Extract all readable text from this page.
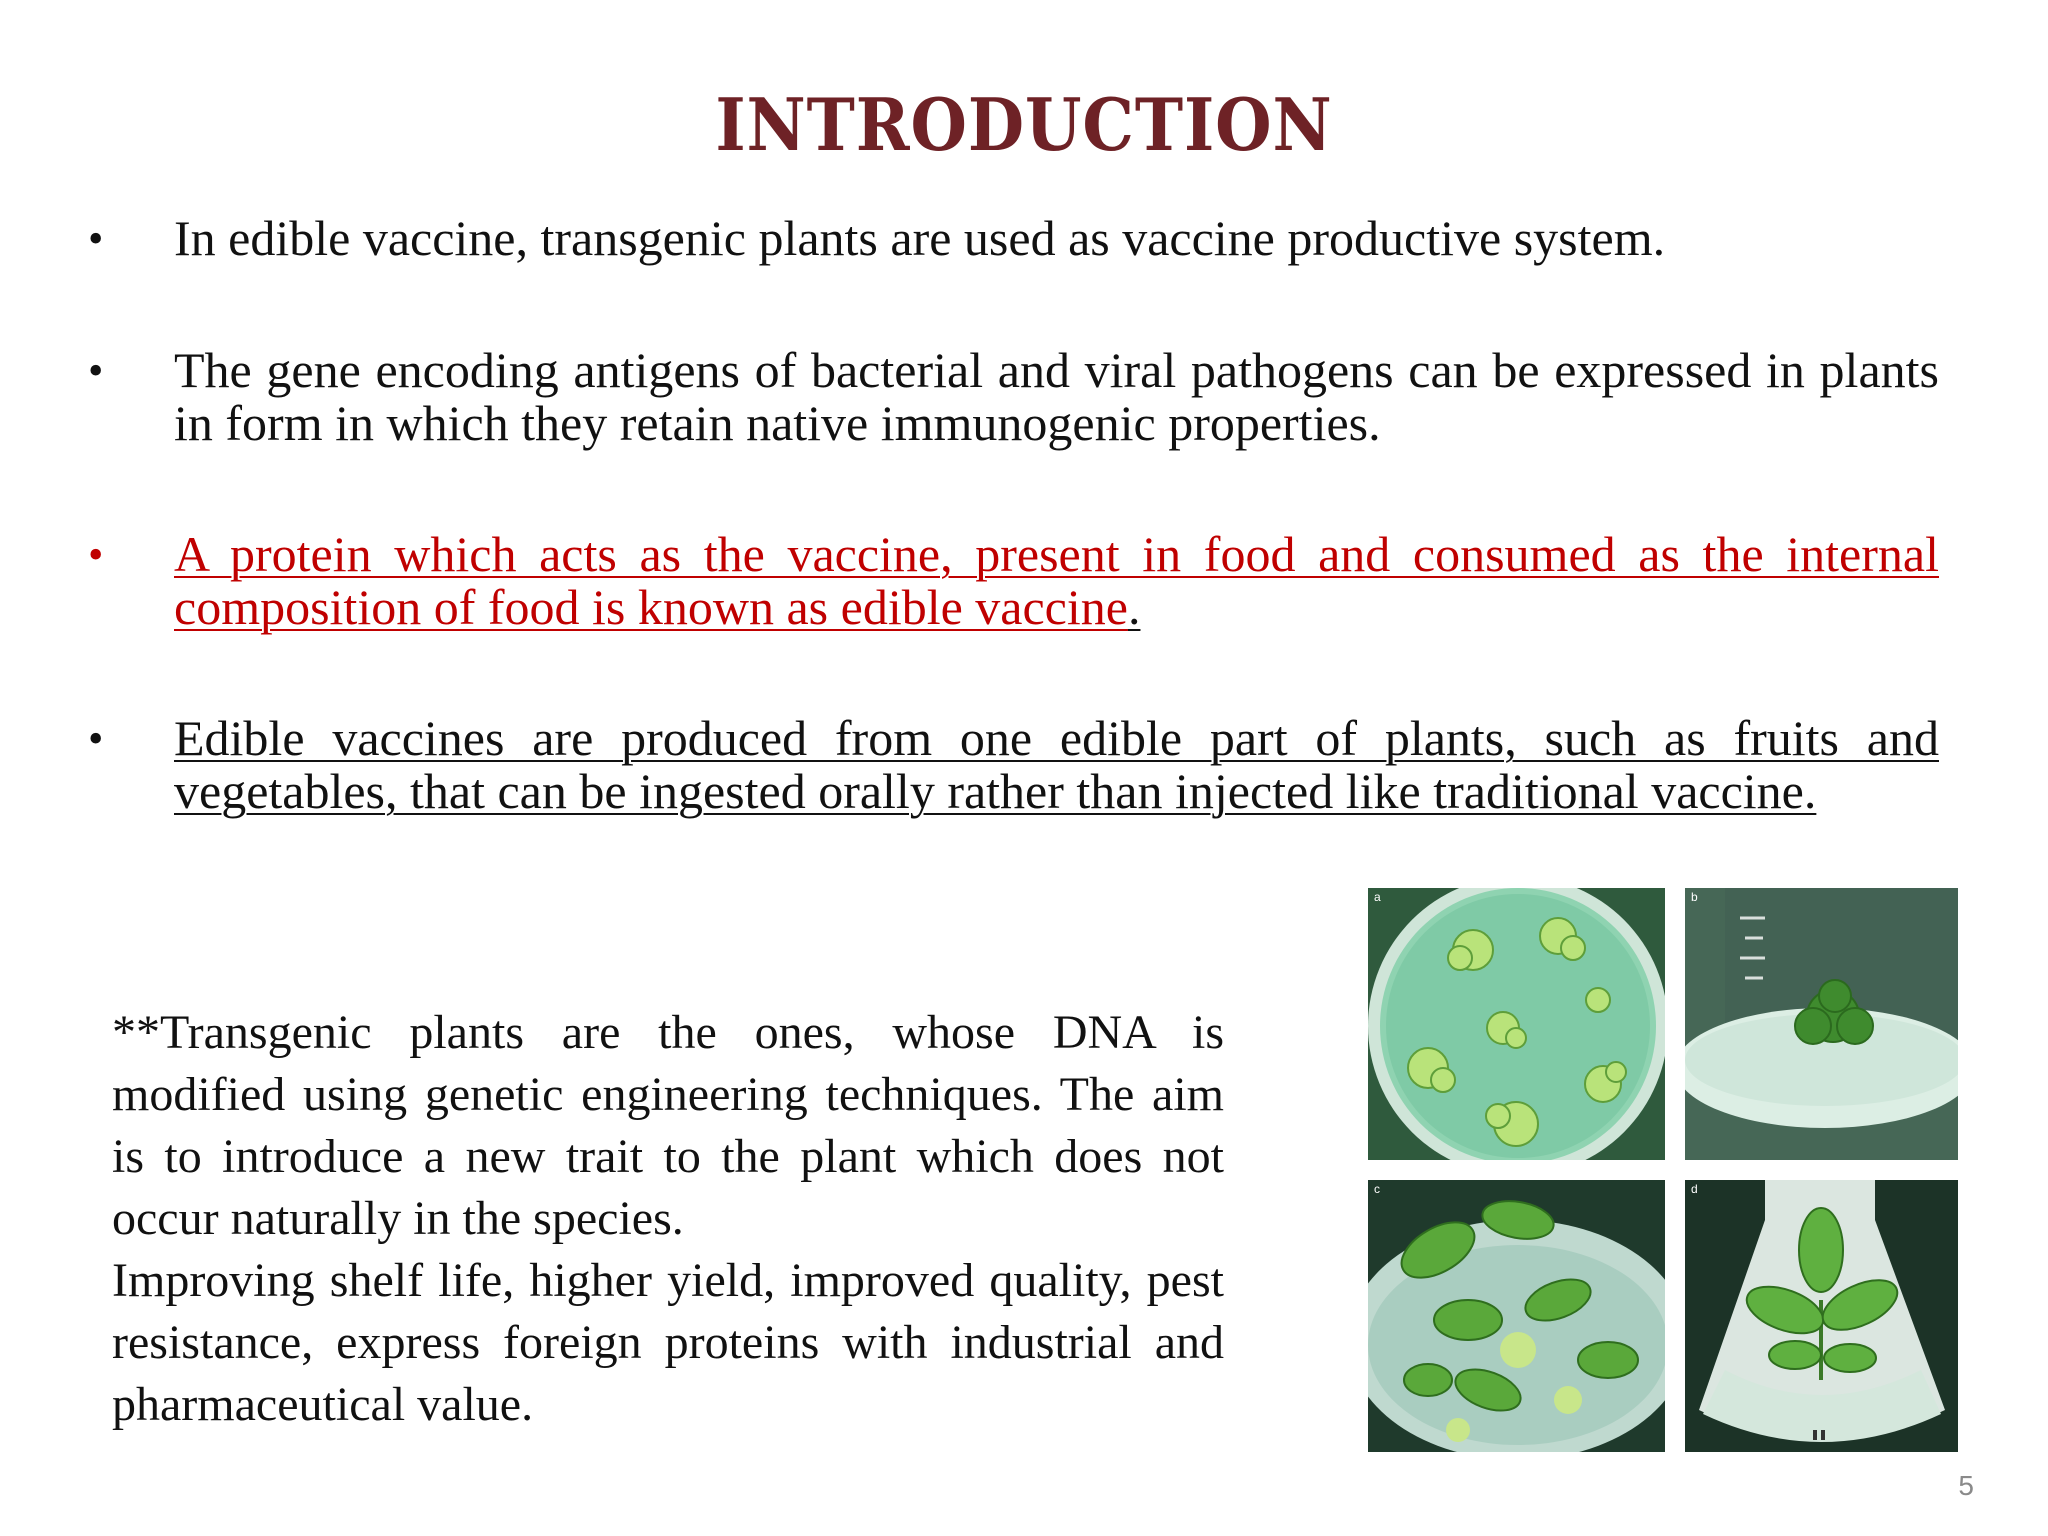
INTRODUCTION
•	In edible vaccine, transgenic plants are used as vaccine productive system.
•	The gene encoding antigens of bacterial and viral pathogens can be expressed in plants in form in which they retain native immunogenic properties.
•	A protein which acts as the vaccine, present in food and consumed as the internal composition of food is known as edible vaccine.
•	Edible vaccines are produced from one edible part of plants, such as fruits and vegetables, that can be ingested orally rather than injected like traditional vaccine.

**Transgenic plants are the ones, whose DNA is modified using genetic engineering techniques. The aim is to introduce a new trait to the plant which does not occur naturally in the species.

Improving shelf life, higher yield, improved quality, pest resistance, express foreign proteins with industrial and pharmaceutical value.

a	b
c	d
5
